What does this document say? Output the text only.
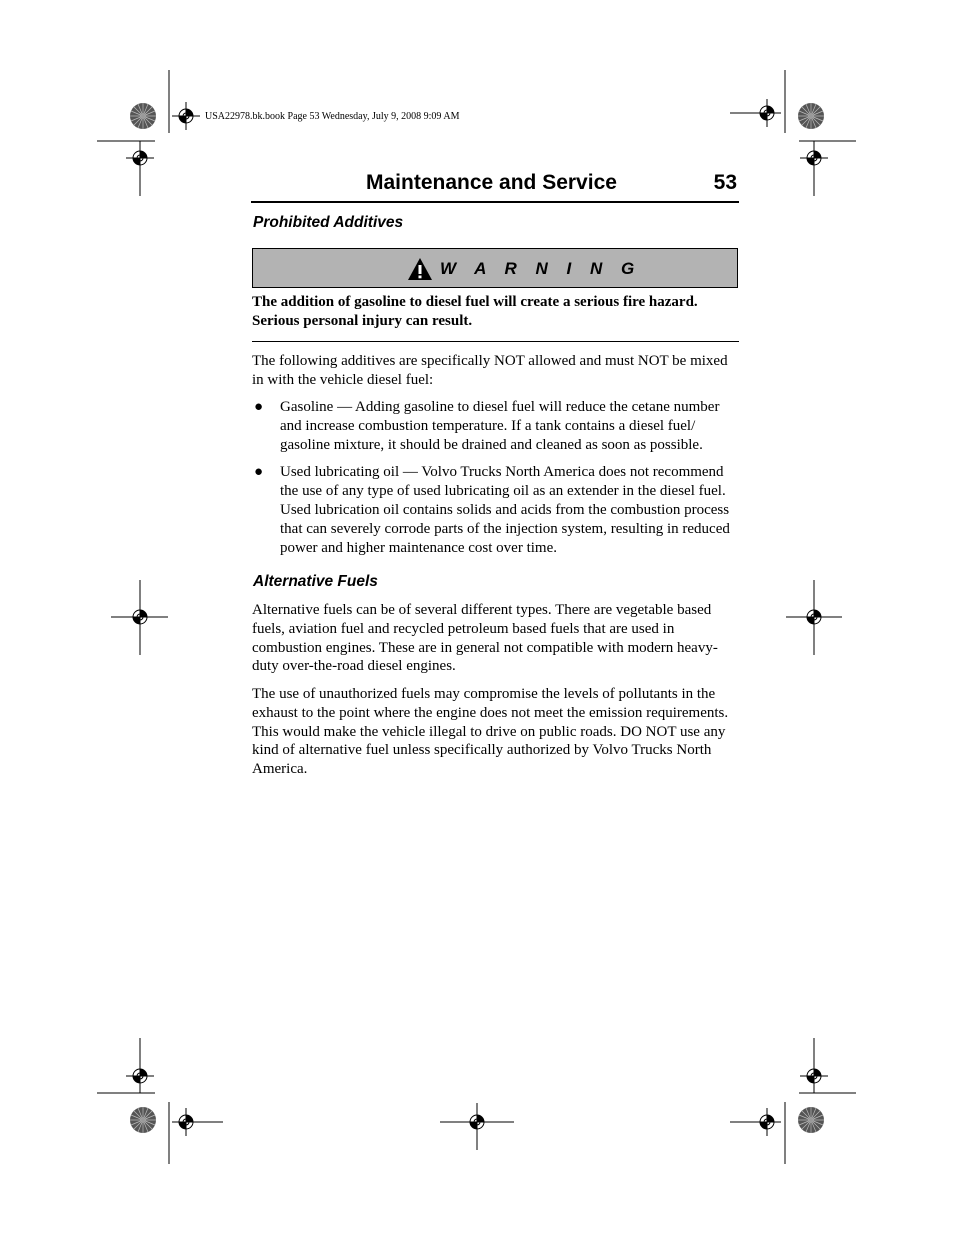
USA22978.bk.book Page 53 Wednesday, July 9, 2008 9:09 AM
Maintenance and Service	53
Prohibited Additives
W A R N I N G
The addition of gasoline to diesel fuel will create a serious fire hazard. Serious personal injury can result.
The following additives are specifically NOT allowed and must NOT be mixed in with the vehicle diesel fuel:
● Gasoline — Adding gasoline to diesel fuel will reduce the cetane number and increase combustion temperature. If a tank contains a diesel fuel/ gasoline mixture, it should be drained and cleaned as soon as possible.
● Used lubricating oil — Volvo Trucks North America does not recommend the use of any type of used lubricating oil as an extender in the diesel fuel. Used lubrication oil contains solids and acids from the combustion process that can severely corrode parts of the injection system, resulting in reduced power and higher maintenance cost over time.
Alternative Fuels
Alternative fuels can be of several different types. There are vegetable based fuels, aviation fuel and recycled petroleum based fuels that are used in combustion engines. These are in general not compatible with modern heavy-duty over-the-road diesel engines.
The use of unauthorized fuels may compromise the levels of pollutants in the exhaust to the point where the engine does not meet the emission requirements. This would make the vehicle illegal to drive on public roads. DO NOT use any kind of alternative fuel unless specifically authorized by Volvo Trucks North America.
